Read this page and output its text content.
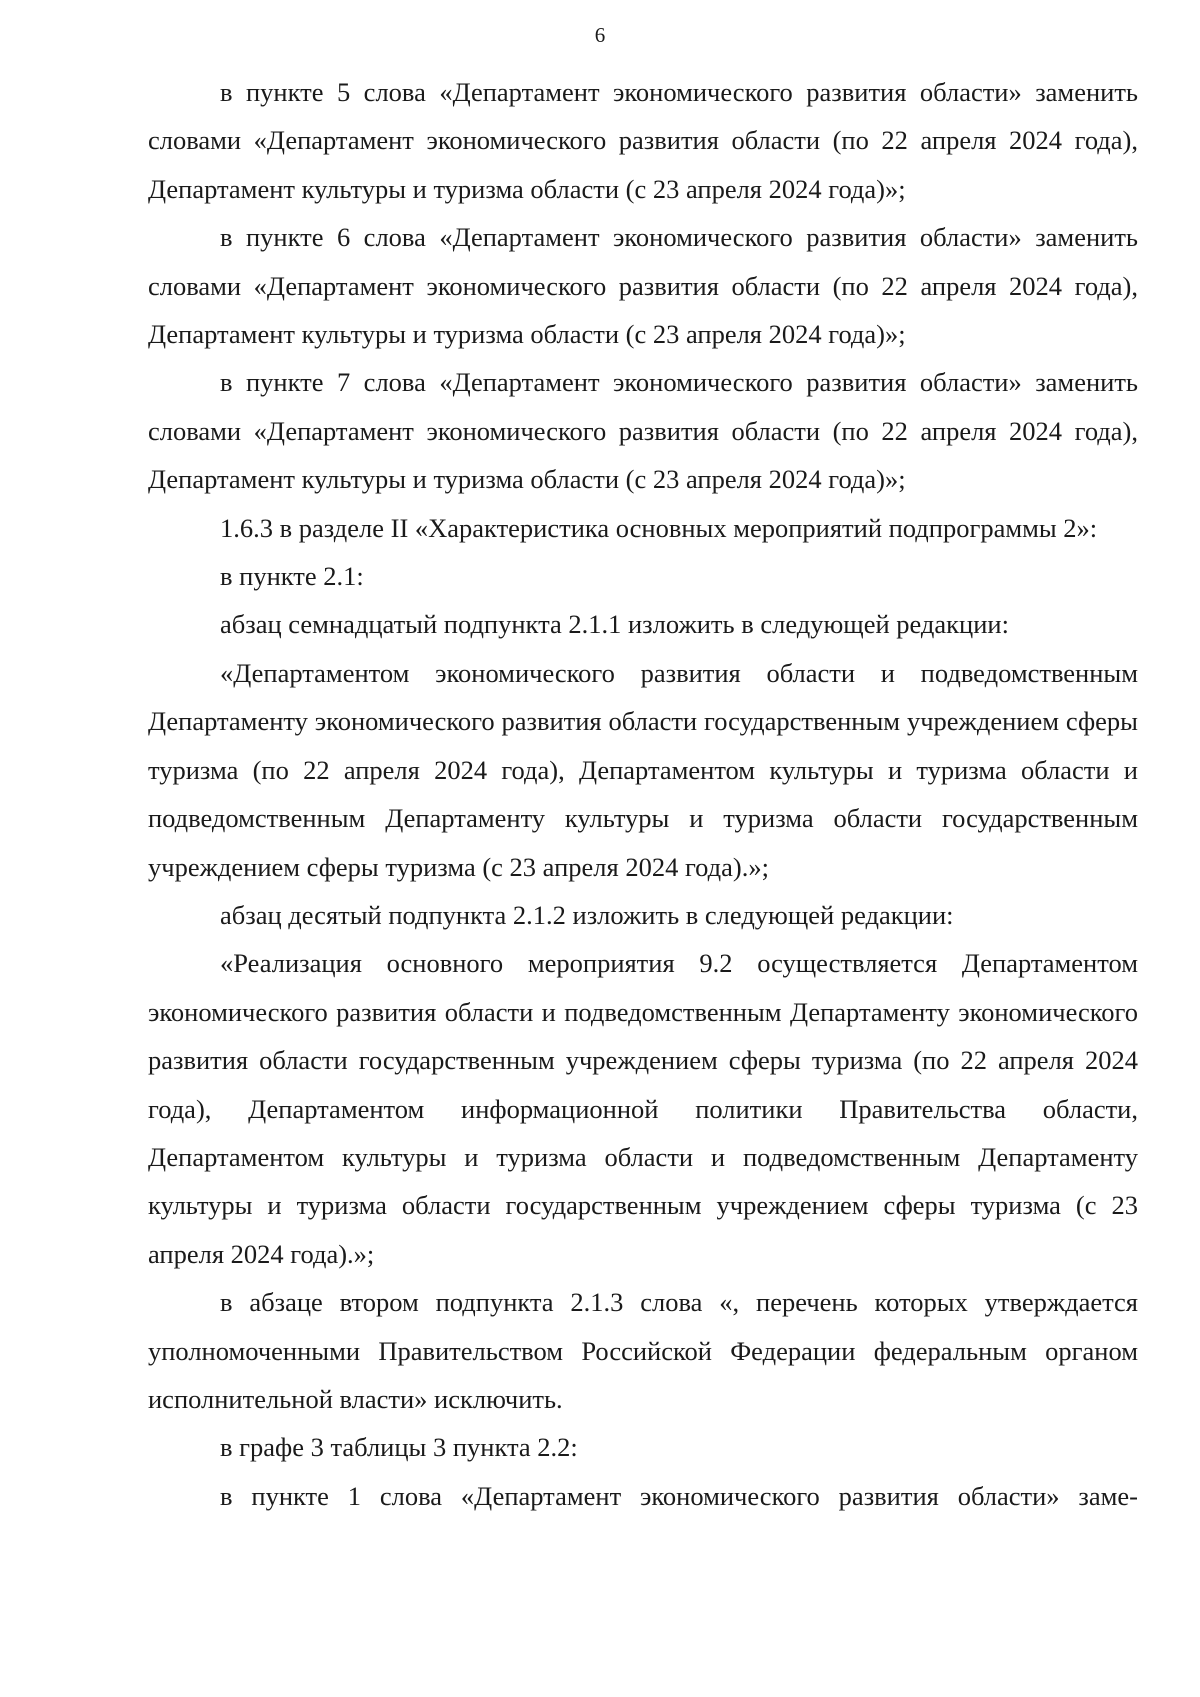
6

в пункте 5 слова «Департамент экономического развития области» заменить словами «Департамент экономического развития области (по 22 апреля 2024 года), Департамент культуры и туризма области (с 23 апреля 2024 года)»;

в пункте 6 слова «Департамент экономического развития области» заменить словами «Департамент экономического развития области (по 22 апреля 2024 года), Департамент культуры и туризма области (с 23 апреля 2024 года)»;

в пункте 7 слова «Департамент экономического развития области» заменить словами «Департамент экономического развития области (по 22 апреля 2024 года), Департамент культуры и туризма области (с 23 апреля 2024 года)»;

1.6.3 в разделе II «Характеристика основных мероприятий подпрограммы 2»:

в пункте 2.1:

абзац семнадцатый подпункта 2.1.1 изложить в следующей редакции:

«Департаментом экономического развития области и подведомственным Департаменту экономического развития области государственным учреждением сферы туризма (по 22 апреля 2024 года), Департаментом культуры и туризма области и подведомственным Департаменту культуры и туризма области государственным учреждением сферы туризма (с 23 апреля 2024 года).»;

абзац десятый подпункта 2.1.2 изложить в следующей редакции:

«Реализация основного мероприятия 9.2 осуществляется Департаментом экономического развития области и подведомственным Департаменту экономического развития области государственным учреждением сферы туризма (по 22 апреля 2024 года), Департаментом информационной политики Правительства области, Департаментом культуры и туризма области и подведомственным Департаменту культуры и туризма области государственным учреждением сферы туризма (с 23 апреля 2024 года).»;

в абзаце втором подпункта 2.1.3 слова «, перечень которых утверждается уполномоченными Правительством Российской Федерации федеральным органом исполнительной власти» исключить.

в графе 3 таблицы 3 пункта 2.2:

в пункте 1 слова «Департамент экономического развития области» заме-
